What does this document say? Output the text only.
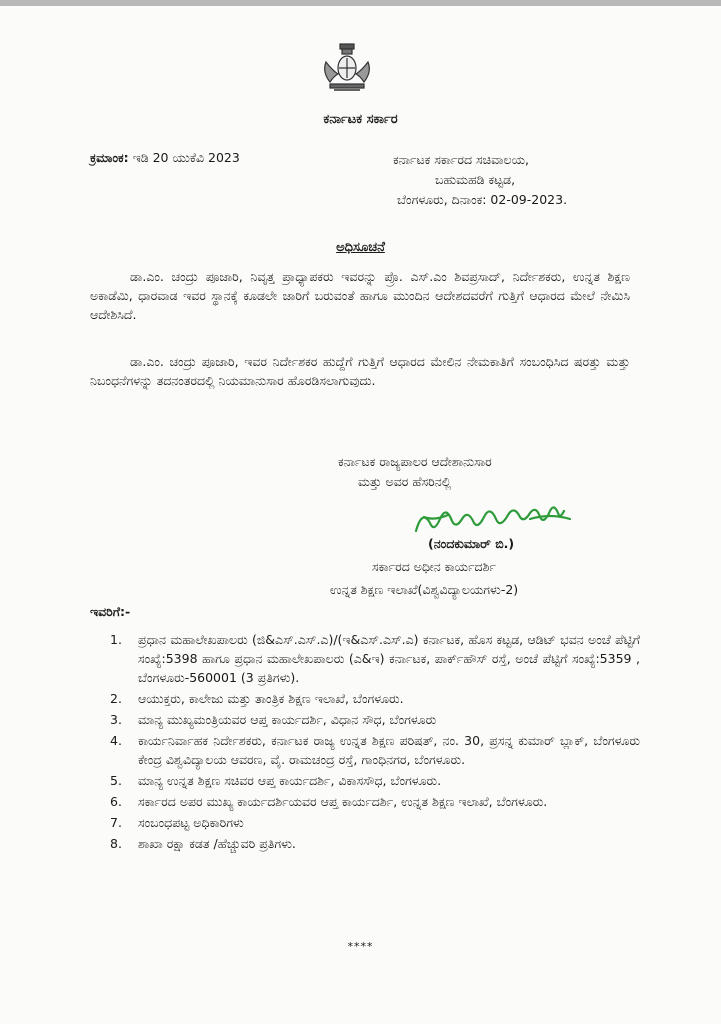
ಕರ್ನಾಟಕ ಸರ್ಕಾರ
ಕ್ರಮಾಂಕ: ಇಡಿ 20 ಯುಕೆವಿ 2023	ಕರ್ನಾಟಕ ಸರ್ಕಾರದ ಸಚಿವಾಲಯ,
ಬಹುಮಹಡಿ ಕಟ್ಟಡ,
ಬೆಂಗಳೂರು, ದಿನಾಂಕ: 02-09-2023.
ಅಧಿಸೂಚನೆ
ಡಾ.ಎಂ. ಚಂದ್ರು ಪೂಜಾರಿ, ನಿವೃತ್ತ ಪ್ರಾಧ್ಯಾಪಕರು ಇವರನ್ನು ಪ್ರೊ. ಎಸ್.ಎಂ ಶಿವಪ್ರಸಾದ್, ನಿರ್ದೇಶಕರು, ಉನ್ನತ ಶಿಕ್ಷಣ ಅಕಾಡೆಮಿ, ಧಾರವಾಡ ಇವರ ಸ್ಥಾನಕ್ಕೆ ಕೂಡಲೇ ಜಾರಿಗೆ ಬರುವಂತೆ ಹಾಗೂ ಮುಂದಿನ ಆದೇಶದವರೆಗೆ ಗುತ್ತಿಗೆ ಆಧಾರದ ಮೇಲೆ ನೇಮಿಸಿ ಆದೇಶಿಸಿದೆ.
ಡಾ.ಎಂ. ಚಂದ್ರು ಪೂಜಾರಿ, ಇವರ ನಿರ್ದೇಶಕರ ಹುದ್ದೆಗೆ ಗುತ್ತಿಗೆ ಆಧಾರದ ಮೇಲಿನ ನೇಮಕಾತಿಗೆ ಸಂಬಂಧಿಸಿದ ಷರತ್ತು ಮತ್ತು ನಿಬಂಧನೆಗಳನ್ನು ತದನಂತರದಲ್ಲಿ ನಿಯಮಾನುಸಾರ ಹೊರಡಿಸಲಾಗುವುದು.
ಕರ್ನಾಟಕ ರಾಜ್ಯಪಾಲರ ಆದೇಶಾನುಸಾರ
ಮತ್ತು ಅವರ ಹೆಸರಿನಲ್ಲಿ
(ನಂದಕುಮಾರ್ ಬಿ.)
ಸರ್ಕಾರದ ಅಧೀನ ಕಾರ್ಯದರ್ಶಿ
ಉನ್ನತ ಶಿಕ್ಷಣ ಇಲಾಖೆ(ವಿಶ್ವವಿದ್ಯಾಲಯಗಳು-2)
ಇವರಿಗೆ:-
1.	ಪ್ರಧಾನ ಮಹಾಲೇಖಪಾಲರು (ಜಿ&ಎಸ್.ಎಸ್.ಎ)/(ಇ&ಎಸ್.ಎಸ್.ಎ) ಕರ್ನಾಟಕ, ಹೊಸ ಕಟ್ಟಡ, ಆಡಿಟ್ ಭವನ ಅಂಚೆ ಪೆಟ್ಟಿಗೆ ಸಂಖ್ಯೆ:5398 ಹಾಗೂ ಪ್ರಧಾನ ಮಹಾಲೇಖಪಾಲರು (ಎ&ಇ) ಕರ್ನಾಟಕ, ಪಾರ್ಕ್‌ಹೌಸ್ ರಸ್ತೆ, ಅಂಚೆ ಪೆಟ್ಟಿಗೆ ಸಂಖ್ಯೆ:5359 , ಬೆಂಗಳೂರು-560001 (3 ಪ್ರತಿಗಳು).
2.	ಆಯುಕ್ತರು, ಕಾಲೇಜು ಮತ್ತು ತಾಂತ್ರಿಕ ಶಿಕ್ಷಣ ಇಲಾಖೆ, ಬೆಂಗಳೂರು.
3.	ಮಾನ್ಯ ಮುಖ್ಯಮಂತ್ರಿಯವರ ಆಪ್ತ ಕಾರ್ಯದರ್ಶಿ, ವಿಧಾನ ಸೌಧ, ಬೆಂಗಳೂರು
4.	ಕಾರ್ಯನಿರ್ವಾಹಕ ನಿರ್ದೇಶಕರು, ಕರ್ನಾಟಕ ರಾಜ್ಯ ಉನ್ನತ ಶಿಕ್ಷಣ ಪರಿಷತ್, ನಂ. 30, ಪ್ರಸನ್ನ ಕುಮಾರ್ ಬ್ಲಾಕ್, ಬೆಂಗಳೂರು ಕೇಂದ್ರ ವಿಶ್ವವಿದ್ಯಾಲಯ ಆವರಣ, ವೈ. ರಾಮಚಂದ್ರ ರಸ್ತೆ, ಗಾಂಧಿನಗರ, ಬೆಂಗಳೂರು.
5.	ಮಾನ್ಯ ಉನ್ನತ ಶಿಕ್ಷಣ ಸಚಿವರ ಆಪ್ತ ಕಾರ್ಯದರ್ಶಿ, ವಿಕಾಸಸೌಧ, ಬೆಂಗಳೂರು.
6.	ಸರ್ಕಾರದ ಅಪರ ಮುಖ್ಯ ಕಾರ್ಯದರ್ಶಿಯವರ ಆಪ್ತ ಕಾರ್ಯದರ್ಶಿ, ಉನ್ನತ ಶಿಕ್ಷಣ ಇಲಾಖೆ, ಬೆಂಗಳೂರು.
7.	ಸಂಬಂಧಪಟ್ಟ ಅಧಿಕಾರಿಗಳು
8.	ಶಾಖಾ ರಕ್ಷಾ ಕಡತ /ಹೆಚ್ಚುವರಿ ಪ್ರತಿಗಳು.
****
